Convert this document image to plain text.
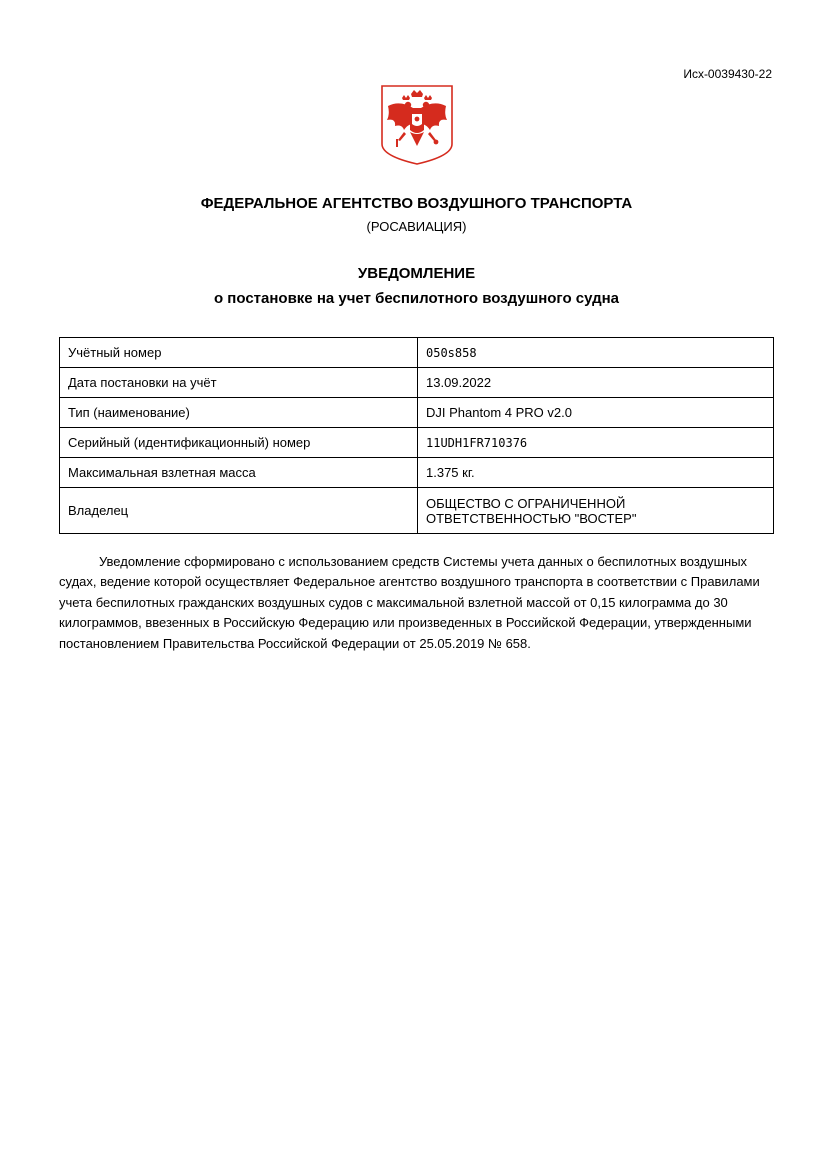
Исх-0039430-22
ФЕДЕРАЛЬНОЕ АГЕНТСТВО ВОЗДУШНОГО ТРАНСПОРТА
(РОСАВИАЦИЯ)
УВЕДОМЛЕНИЕ
о постановке на учет беспилотного воздушного судна
Учётный номер	050s858
Дата постановки на учёт	13.09.2022
Тип (наименование)	DJI Phantom 4 PRO v2.0
Серийный (идентификационный) номер	11UDH1FR710376
Максимальная взлетная масса	1.375 кг.
Владелец	ОБЩЕСТВО С ОГРАНИЧЕННОЙ ОТВЕТСТВЕННОСТЬЮ "ВОСТЕР"

Уведомление сформировано с использованием средств Системы учета данных о беспилотных воздушных судах, ведение которой осуществляет Федеральное агентство воздушного транспорта в соответствии с Правилами учета беспилотных гражданских воздушных судов с максимальной взлетной массой от 0,15 килограмма до 30 килограммов, ввезенных в Российскую Федерацию или произведенных в Российской Федерации, утвержденными постановлением Правительства Российской Федерации от 25.05.2019 № 658.
